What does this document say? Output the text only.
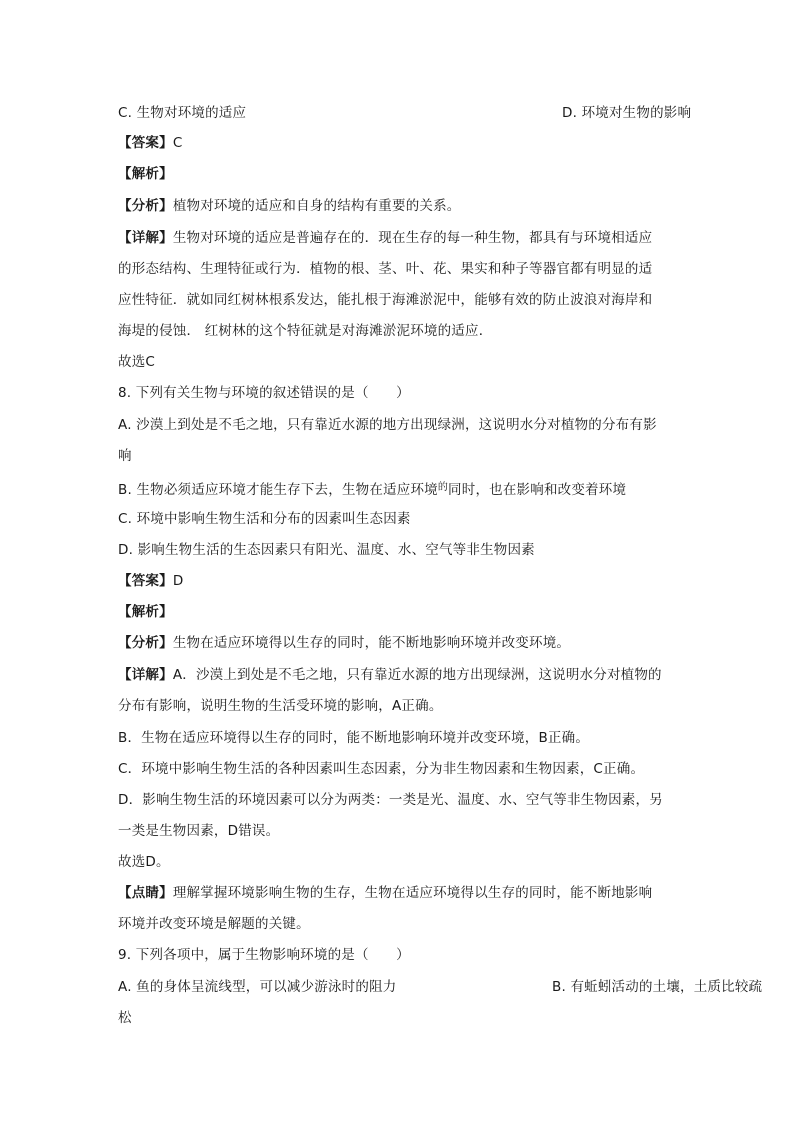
C. 生物对环境的适应	D. 环境对生物的影响
【答案】C
【解析】
【分析】植物对环境的适应和自身的结构有重要的关系。
【详解】生物对环境的适应是普遍存在的．现在生存的每一种生物，都具有与环境相适应
的形态结构、生理特征或行为．植物的根、茎、叶、花、果实和种子等器官都有明显的适
应性特征．就如同红树林根系发达，能扎根于海滩淤泥中，能够有效的防止波浪对海岸和
海堤的侵蚀． 红树林的这个特征就是对海滩淤泥环境的适应．
故选C
8. 下列有关生物与环境的叙述错误的是（　　）
A. 沙漠上到处是不毛之地，只有靠近水源的地方出现绿洲，这说明水分对植物的分布有影
响
B. 生物必须适应环境才能生存下去，生物在适应环境$^的$同时，也在影响和改变着环境
C. 环境中影响生物生活和分布的因素叫生态因素
D. 影响生物生活的生态因素只有阳光、温度、水、空气等非生物因素
【答案】D
【解析】
【分析】生物在适应环境得以生存的同时，能不断地影响环境并改变环境。
【详解】A．沙漠上到处是不毛之地，只有靠近水源的地方出现绿洲，这说明水分对植物的
分布有影响，说明生物的生活受环境的影响，A正确。
B．生物在适应环境得以生存的同时，能不断地影响环境并改变环境，B正确。
C．环境中影响生物生活的各种因素叫生态因素，分为非生物因素和生物因素，C正确。
D．影响生物生活的环境因素可以分为两类：一类是光、温度、水、空气等非生物因素，另
一类是生物因素，D错误。
故选D。
【点睛】理解掌握环境影响生物的生存，生物在适应环境得以生存的同时，能不断地影响
环境并改变环境是解题的关键。
9. 下列各项中，属于生物影响环境的是（　　）
A. 鱼的身体呈流线型，可以减少游泳时的阻力	B. 有蚯蚓活动的土壤，土质比较疏
松
